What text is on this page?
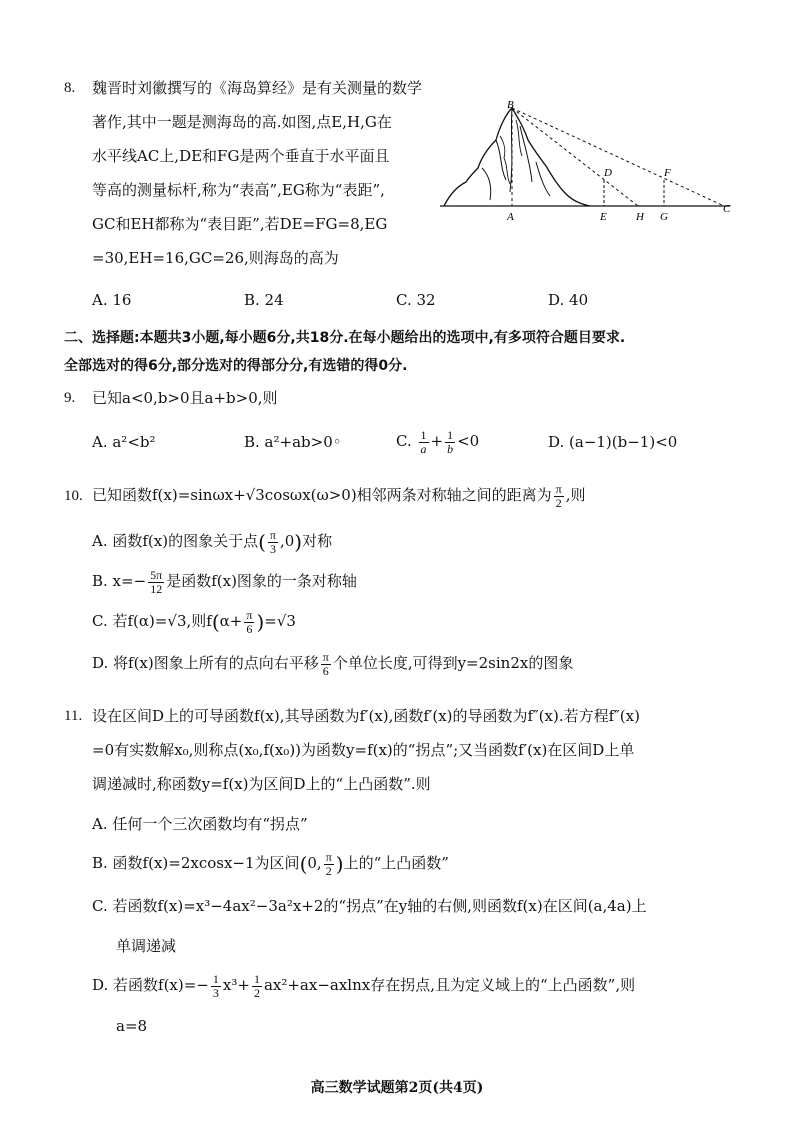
8. 魏晋时刘徽撰写的《海岛算经》是有关测量的数学
著作,其中一题是测海岛的高.如图,点E,H,G在
水平线AC上,DE和FG是两个垂直于水平面且
等高的测量标杆,称为“表高”,EG称为“表距”,
GC和EH都称为“表目距”,若DE=FG=8,EG
=30,EH=16,GC=26,则海岛的高为
B
A
D	F
E	H G
C
A. 16	B. 24	C. 32	D. 40
二、选择题:本题共3小题,每小题6分,共18分.在每小题给出的选项中,有多项符合题目要求.
全部选对的得6分,部分选对的得部分分,有选错的得0分.
9. 已知a<0,b>0且a+b>0,则
A. a²<b²	B. a²+ab>0◦	C. $\frac{1}{a} + \frac{1}{b} <0$	D. (a−1)(b−1)<0
10. 已知函数f(x)=sinωx+√3cosωx(ω>0)相邻两条对称轴之间的距离为 $\frac{\pi}{2}$ ,则
A. 函数f(x)的图象关于点( $\frac{\pi}{3} ,0$)对称
B. $x=- \frac{5\pi}{12}$ 是函数f(x)图象的一条对称轴
C. 若f(α)=√3,则$f(\alpha+ \frac{\pi}{6} )=√3$
D. 将f(x)图象上所有的点向右平移 $\frac{\pi}{6}$ 个单位长度,可得到y=2sin2x的图象
11. 设在区间D上的可导函数f(x),其导函数为f′(x),函数f′(x)的导函数为f″(x).若方程f″(x)
=0有实数解x₀,则称点(x₀,f(x₀))为函数y=f(x)的“拐点”;又当函数f′(x)在区间D上单
调递减时,称函数y=f(x)为区间D上的“上凸函数”.则
A. 任何一个三次函数均有“拐点”
B. 函数f(x)=2xcosx−1为区间(0, $\frac{\pi}{2}$ )上的“上凸函数”
C. 若函数f(x)=x³−4ax²−3a²x+2的“拐点”在y轴的右侧,则函数f(x)在区间(a,4a)上
单调递减
D. 若函数$f(x)=- \frac{1}{3} x^3+ \frac{1}{2} ax^2+ax-axlnx$存在拐点,且为定义域上的“上凸函数”,则
a=8
高三数学试题第2页(共4页)
